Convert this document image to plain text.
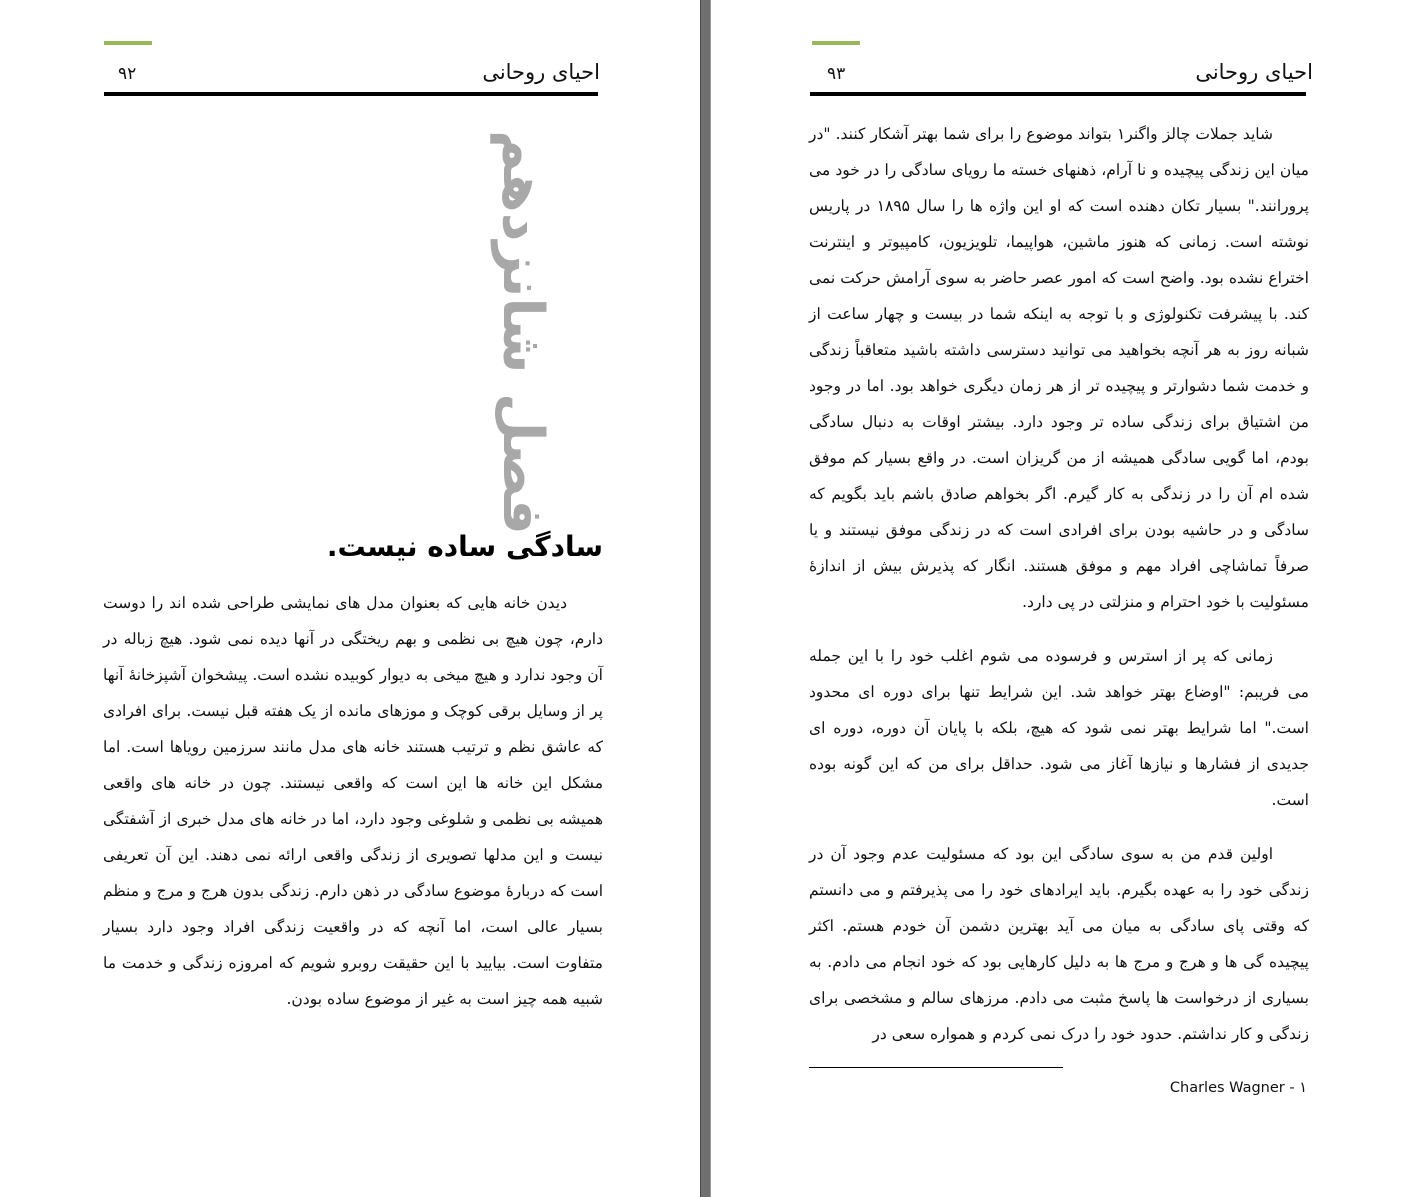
۹۲	احیای روحانی
فصل شانزدهم
سادگی ساده نیست.

دیدن خانه هایی که بعنوان مدل های نمایشی طراحی شده اند را دوست دارم، چون هیچ بی نظمی و بهم ریختگی در آنها دیده نمی شود. هیچ زباله در آن وجود ندارد و هیچ میخی به دیوار کوبیده نشده است. پیشخوان آشپزخانهٔ آنها پر از وسایل برقی کوچک و موزهای مانده از یک هفته قبل نیست. برای افرادی که عاشق نظم و ترتیب هستند خانه های مدل مانند سرزمین رویاها است. اما مشکل این خانه ها این است که واقعی نیستند. چون در خانه های واقعی همیشه بی نظمی و شلوغی وجود دارد، اما در خانه های مدل خبری از آشفتگی نیست و این مدلها تصویری از زندگی واقعی ارائه نمی دهند. این آن تعریفی است که دربارهٔ موضوع سادگی در ذهن دارم. زندگی بدون هرج و مرج و منظم بسیار عالی است، اما آنچه که در واقعیت زندگی افراد وجود دارد بسیار متفاوت است. بیایید با این حقیقت روبرو شویم که امروزه زندگی و خدمت ما شبیه همه چیز است به غیر از موضوع ساده بودن.

۹۳	احیای روحانی

شاید جملات چالز واگنر۱ بتواند موضوع را برای شما بهتر آشکار کنند. "در میان این زندگی پیچیده و نا آرام، ذهنهای خسته ما رویای سادگی را در خود می پرورانند." بسیار تکان دهنده است که او این واژه ها را سال ۱۸۹۵ در پاریس نوشته است. زمانی که هنوز ماشین، هواپیما، تلویزیون، کامپیوتر و اینترنت اختراع نشده بود. واضح است که امور عصر حاضر به سوی آرامش حرکت نمی کند. با پیشرفت تکنولوژی و با توجه به اینکه شما در بیست و چهار ساعت از شبانه روز به هر آنچه بخواهید می توانید دسترسی داشته باشید متعاقباً زندگی و خدمت شما دشوارتر و پیچیده تر از هر زمان دیگری خواهد بود. اما در وجود من اشتیاق برای زندگی ساده تر وجود دارد. بیشتر اوقات به دنبال سادگی بودم، اما گویی سادگی همیشه از من گریزان است. در واقع بسیار کم موفق شده ام آن را در زندگی به کار گیرم. اگر بخواهم صادق باشم باید بگویم که سادگی و در حاشیه بودن برای افرادی است که در زندگی موفق نیستند و یا صرفاً تماشاچی افراد مهم و موفق هستند. انگار که پذیرش بیش از اندازهٔ مسئولیت با خود احترام و منزلتی در پی دارد.

زمانی که پر از استرس و فرسوده می شوم اغلب خود را با این جمله می فریبم: "اوضاع بهتر خواهد شد. این شرایط تنها برای دوره ای محدود است." اما شرایط بهتر نمی شود که هیچ، بلکه با پایان آن دوره، دوره ای جدیدی از فشارها و نیازها آغاز می شود. حداقل برای من که این گونه بوده است.

اولین قدم من به سوی سادگی این بود که مسئولیت عدم وجود آن در زندگی خود را به عهده بگیرم. باید ایرادهای خود را می پذیرفتم و می دانستم که وقتی پای سادگی به میان می آید بهترین دشمن آن خودم هستم. اکثر پیچیده گی ها و هرج و مرج ها به دلیل کارهایی بود که خود انجام می دادم. به بسیاری از درخواست ها پاسخ مثبت می دادم. مرزهای سالم و مشخصی برای زندگی و کار نداشتم. حدود خود را درک نمی کردم و همواره سعی در

۱ - Charles Wagner
